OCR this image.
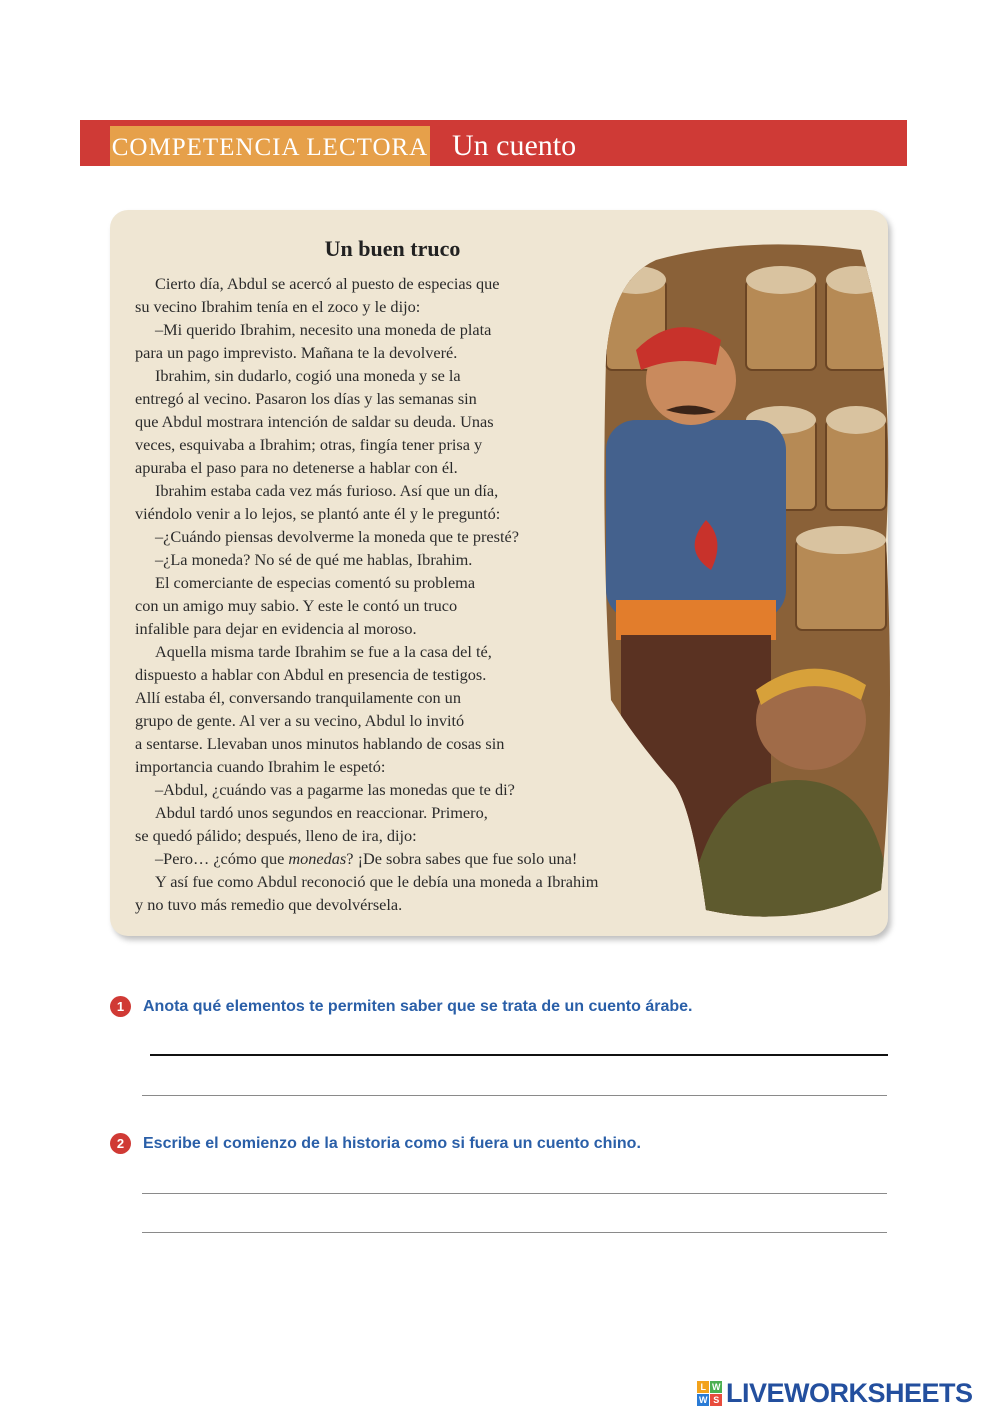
COMPETENCIA LECTORA Un cuento
Un buen truco

Cierto día, Abdul se acercó al puesto de especias que

su vecino Ibrahim tenía en el zoco y le dijo:

–Mi querido Ibrahim, necesito una moneda de plata

para un pago imprevisto. Mañana te la devolveré.

Ibrahim, sin dudarlo, cogió una moneda y se la

entregó al vecino. Pasaron los días y las semanas sin

que Abdul mostrara intención de saldar su deuda. Unas

veces, esquivaba a Ibrahim; otras, fingía tener prisa y

apuraba el paso para no detenerse a hablar con él.

Ibrahim estaba cada vez más furioso. Así que un día,

viéndolo venir a lo lejos, se plantó ante él y le preguntó:

–¿Cuándo piensas devolverme la moneda que te presté?

–¿La moneda? No sé de qué me hablas, Ibrahim.

El comerciante de especias comentó su problema

con un amigo muy sabio. Y este le contó un truco

infalible para dejar en evidencia al moroso.

Aquella misma tarde Ibrahim se fue a la casa del té,

dispuesto a hablar con Abdul en presencia de testigos.

Allí estaba él, conversando tranquilamente con un

grupo de gente. Al ver a su vecino, Abdul lo invitó

a sentarse. Llevaban unos minutos hablando de cosas sin

importancia cuando Ibrahim le espetó:

–Abdul, ¿cuándo vas a pagarme las monedas que te di?

Abdul tardó unos segundos en reaccionar. Primero,

se quedó pálido; después, lleno de ira, dijo:

–Pero… ¿cómo que monedas? ¡De sobra sabes que fue solo una!

Y así fue como Abdul reconoció que le debía una moneda a Ibrahim

y no tuvo más remedio que devolvérsela.

1	Anota qué elementos te permiten saber que se trata de un cuento árabe.
2	Escribe el comienzo de la historia como si fuera un cuento chino.
L W
W S LIVEWORKSHEETS
